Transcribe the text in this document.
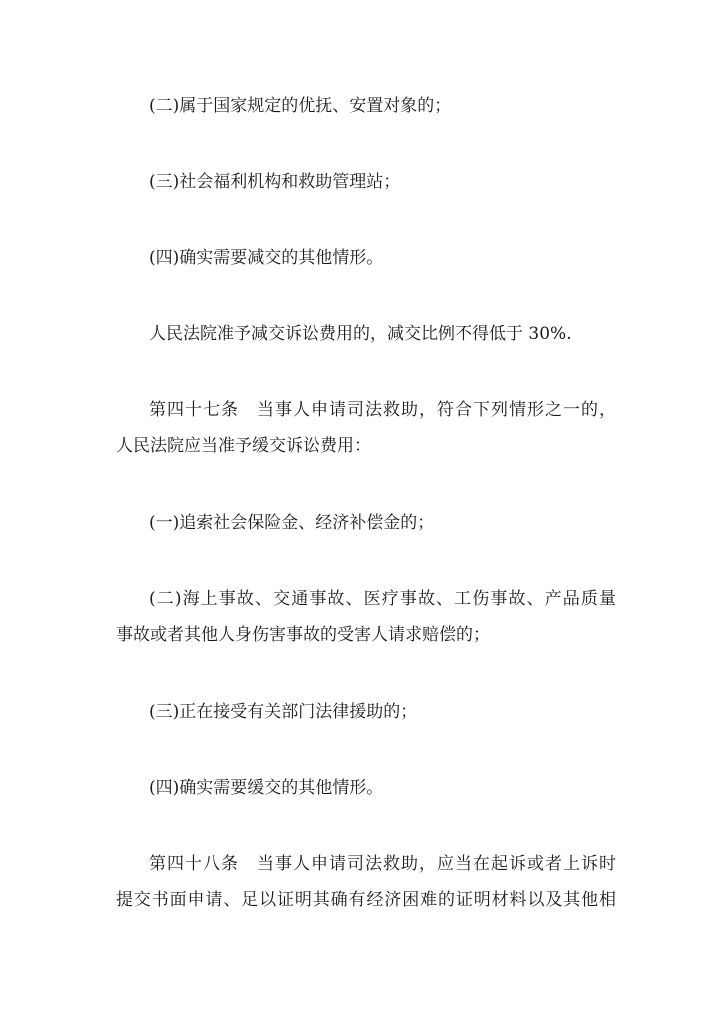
(二)属于国家规定的优抚、安置对象的；
(三)社会福利机构和救助管理站；
(四)确实需要减交的其他情形。
人民法院准予减交诉讼费用的，减交比例不得低于 30%.
第四十七条　当事人申请司法救助，符合下列情形之一的，
人民法院应当准予缓交诉讼费用：
(一)追索社会保险金、经济补偿金的；
(二)海上事故、交通事故、医疗事故、工伤事故、产品质量
事故或者其他人身伤害事故的受害人请求赔偿的；
(三)正在接受有关部门法律援助的；
(四)确实需要缓交的其他情形。
第四十八条　当事人申请司法救助，应当在起诉或者上诉时
提交书面申请、足以证明其确有经济困难的证明材料以及其他相
